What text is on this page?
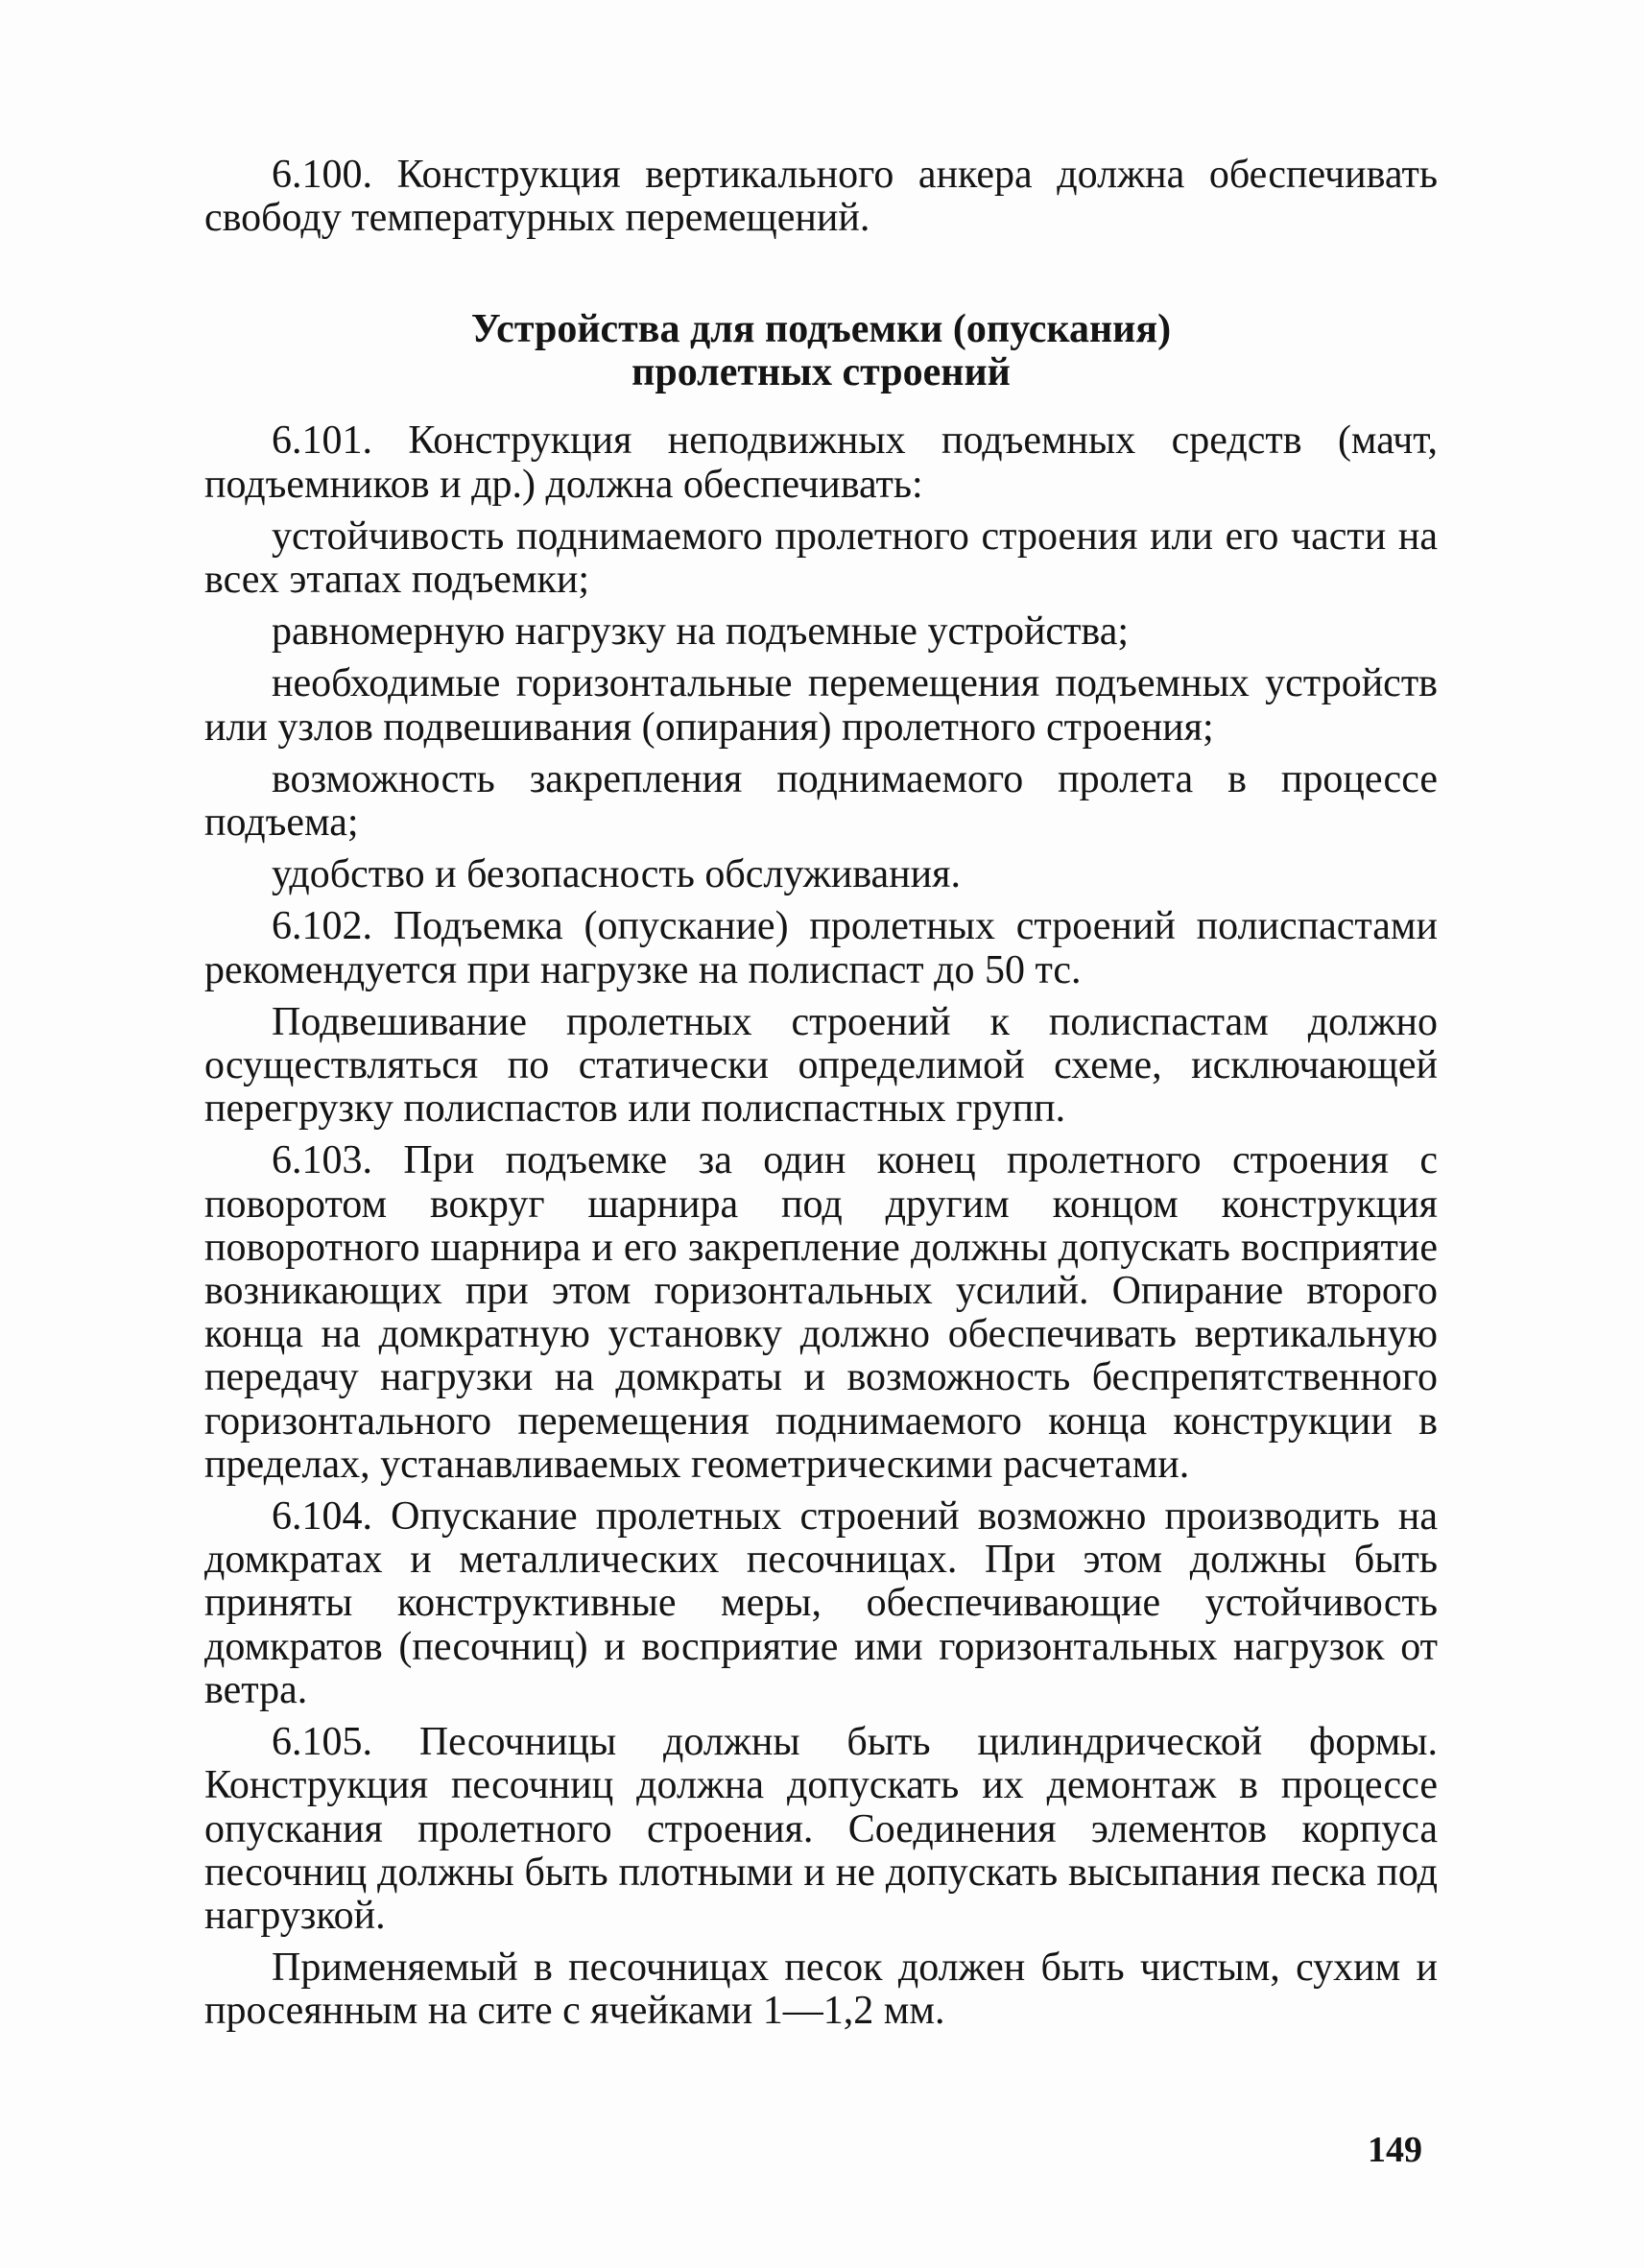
6.100. Конструкция вертикального анкера должна обеспечивать свободу температурных перемещений.

Устройства для подъемки (опускания)
пролетных строений

6.101. Конструкция неподвижных подъемных средств (мачт, подъемников и др.) должна обеспечивать:

устойчивость поднимаемого пролетного строения или его части на всех этапах подъемки;

равномерную нагрузку на подъемные устройства;

необходимые горизонтальные перемещения подъемных устройств или узлов подвешивания (опирания) пролетного строения;

возможность закрепления поднимаемого пролета в процессе подъема;

удобство и безопасность обслуживания.

6.102. Подъемка (опускание) пролетных строений полиспастами рекомендуется при нагрузке на полиспаст до 50 тс.

Подвешивание пролетных строений к полиспастам должно осуществляться по статически определимой схеме, исключающей перегрузку полиспастов или полиспастных групп.

6.103. При подъемке за один конец пролетного строения с поворотом вокруг шарнира под другим концом конструкция поворотного шарнира и его закрепление должны допускать восприятие возникающих при этом горизонтальных усилий. Опирание второго конца на домкратную установку должно обеспечивать вертикальную передачу нагрузки на домкраты и возможность беспрепятственного горизонтального перемещения поднимаемого конца конструкции в пределах, устанавливаемых геометрическими расчетами.

6.104. Опускание пролетных строений возможно производить на домкратах и металлических песочницах. При этом должны быть приняты конструктивные меры, обеспечивающие устойчивость домкратов (песочниц) и восприятие ими горизонтальных нагрузок от ветра.

6.105. Песочницы должны быть цилиндрической формы. Конструкция песочниц должна допускать их демонтаж в процессе опускания пролетного строения. Соединения элементов корпуса песочниц должны быть плотными и не допускать высыпания песка под нагрузкой.

Применяемый в песочницах песок должен быть чистым, сухим и просеянным на сите с ячейками 1—1,2 мм.

149
